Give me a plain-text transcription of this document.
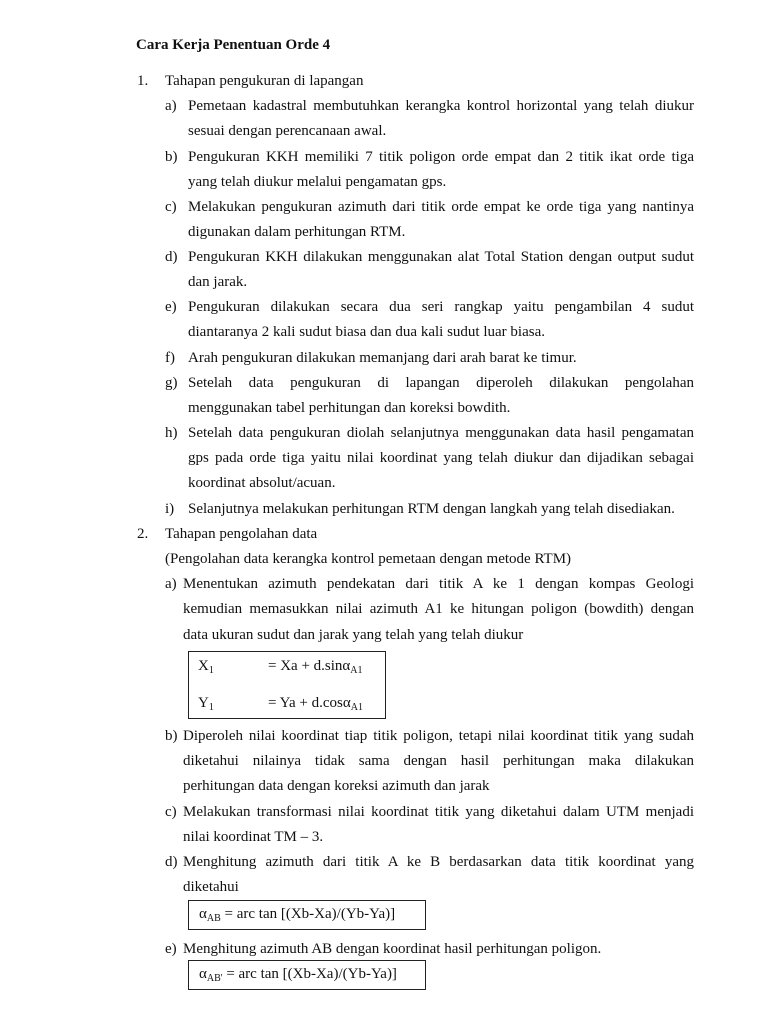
Cara Kerja Penentuan Orde 4
1. Tahapan pengukuran di lapangan
a) Pemetaan kadastral membutuhkan kerangka kontrol horizontal yang telah diukur
sesuai dengan perencanaan awal.
b) Pengukuran KKH memiliki 7 titik poligon orde empat dan 2 titik ikat orde tiga
yang telah diukur melalui pengamatan gps.
c) Melakukan pengukuran azimuth dari titik orde empat ke orde tiga yang nantinya
digunakan dalam perhitungan RTM.
d) Pengukuran KKH dilakukan menggunakan alat Total Station dengan output sudut
dan jarak.
e) Pengukuran dilakukan secara dua seri rangkap yaitu pengambilan 4 sudut
diantaranya 2 kali sudut biasa dan dua kali sudut luar biasa.
f) Arah pengukuran dilakukan memanjang dari arah barat ke timur.
g) Setelah data pengukuran di lapangan diperoleh dilakukan pengolahan
menggunakan tabel perhitungan dan koreksi bowdith.
h) Setelah data pengukuran diolah selanjutnya menggunakan data hasil pengamatan
gps pada orde tiga yaitu nilai koordinat yang telah diukur dan dijadikan sebagai
koordinat absolut/acuan.
i) Selanjutnya melakukan perhitungan RTM dengan langkah yang telah disediakan.
2. Tahapan pengolahan data
(Pengolahan data kerangka kontrol pemetaan dengan metode RTM)
a) Menentukan azimuth pendekatan dari titik A ke 1 dengan kompas Geologi
kemudian memasukkan nilai azimuth A1 ke hitungan poligon (bowdith) dengan
data ukuran sudut dan jarak yang telah yang telah diukur
$X_1$	= Xa + d.sinα$_{A1}$
$Y_1$	= Ya + d.cosα$_{A1}$
b) Diperoleh nilai koordinat tiap titik poligon, tetapi nilai koordinat titik yang sudah
diketahui nilainya tidak sama dengan hasil perhitungan maka dilakukan
perhitungan data dengan koreksi azimuth dan jarak
c) Melakukan transformasi nilai koordinat titik yang diketahui dalam UTM menjadi
nilai koordinat TM – 3.
d) Menghitung azimuth dari titik A ke B berdasarkan data titik koordinat yang
diketahui
$\alpha_{AB}$ = arc tan [(Xb-Xa)/(Yb-Ya)]
e) Menghitung azimuth AB dengan koordinat hasil perhitungan poligon.
$\alpha_{AB'}$ = arc tan [(Xb-Xa)/(Yb-Ya)]
